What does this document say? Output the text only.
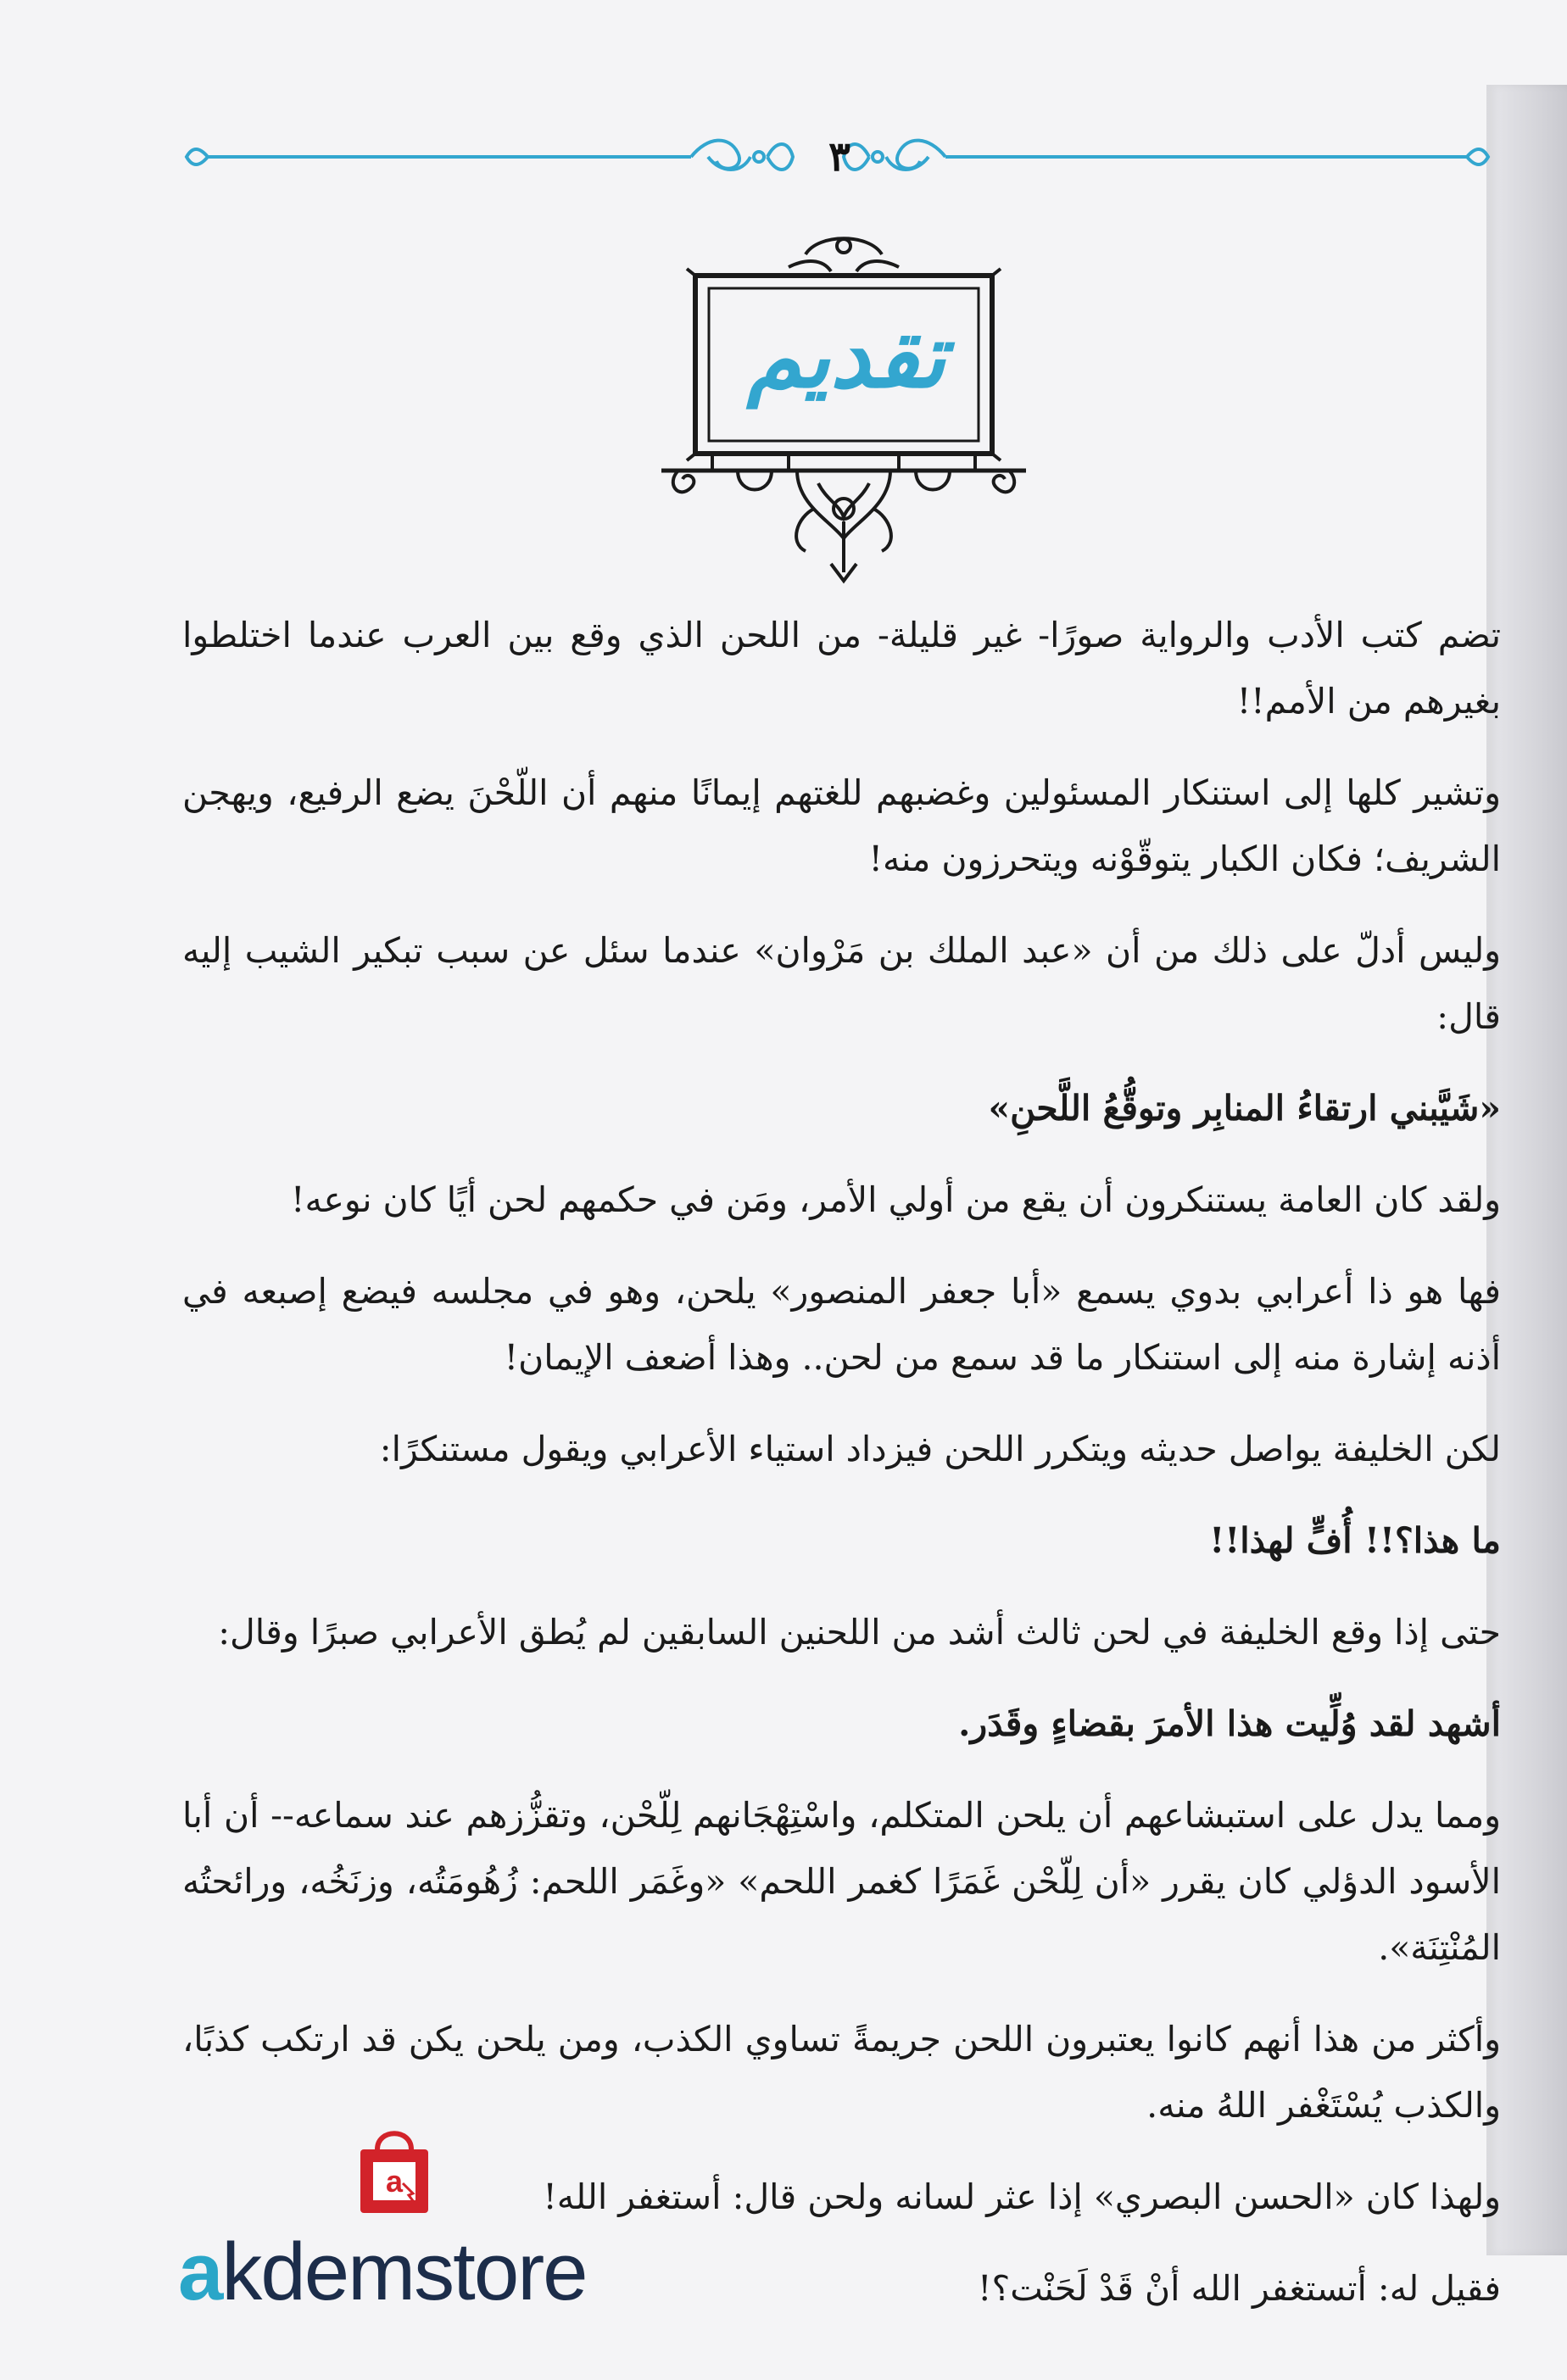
٣
تقديم

تضم كتب الأدب والرواية صورًا- غير قليلة- من اللحن الذي وقع بين العرب عندما اختلطوا بغيرهم من الأمم!!

وتشير كلها إلى استنكار المسئولين وغضبهم للغتهم إيمانًا منهم أن اللّحْنَ يضع الرفيع، ويهجن الشريف؛ فكان الكبار يتوقّوْنه ويتحرزون منه!

وليس أدلّ على ذلك من أن «عبد الملك بن مَرْوان» عندما سئل عن سبب تبكير الشيب إليه قال:

«شَيَّبني ارتقاءُ المنابِر وتوقُّعُ اللَّحنِ»

ولقد كان العامة يستنكرون أن يقع من أولي الأمر، ومَن في حكمهم لحن أيًا كان نوعه!

فها هو ذا أعرابي بدوي يسمع «أبا جعفر المنصور» يلحن، وهو في مجلسه فيضع إصبعه في أذنه إشارة منه إلى استنكار ما قد سمع من لحن.. وهذا أضعف الإيمان!

لكن الخليفة يواصل حديثه ويتكرر اللحن فيزداد استياء الأعرابي ويقول مستنكرًا:

ما هذا؟!! أُفٍّ لهذا!!

حتى إذا وقع الخليفة في لحن ثالث أشد من اللحنين السابقين لم يُطق الأعرابي صبرًا وقال:

أشهد لقد وُلِّيت هذا الأمرَ بقضاءٍ وقَدَر.

ومما يدل على استبشاعهم أن يلحن المتكلم، واسْتِهْجَانهم لِلّحْن، وتقزُّزهم عند سماعه-- أن أبا الأسود الدؤلي كان يقرر «أن لِلّحْن غَمَرًا كغمر اللحم» «وغَمَر اللحم: زُهُومَتُه، وزنَخُه، ورائحتُه المُنْتِنَة».

وأكثر من هذا أنهم كانوا يعتبرون اللحن جريمةً تساوي الكذب، ومن يلحن يكن قد ارتكب كذبًا، والكذب يُسْتَغْفر اللهُ منه.

ولهذا كان «الحسن البصري» إذا عثر لسانه ولحن قال: أستغفر الله!

فقيل له: أتستغفر الله أنْ قَدْ لَحَنْت؟!

a
akdemstore
